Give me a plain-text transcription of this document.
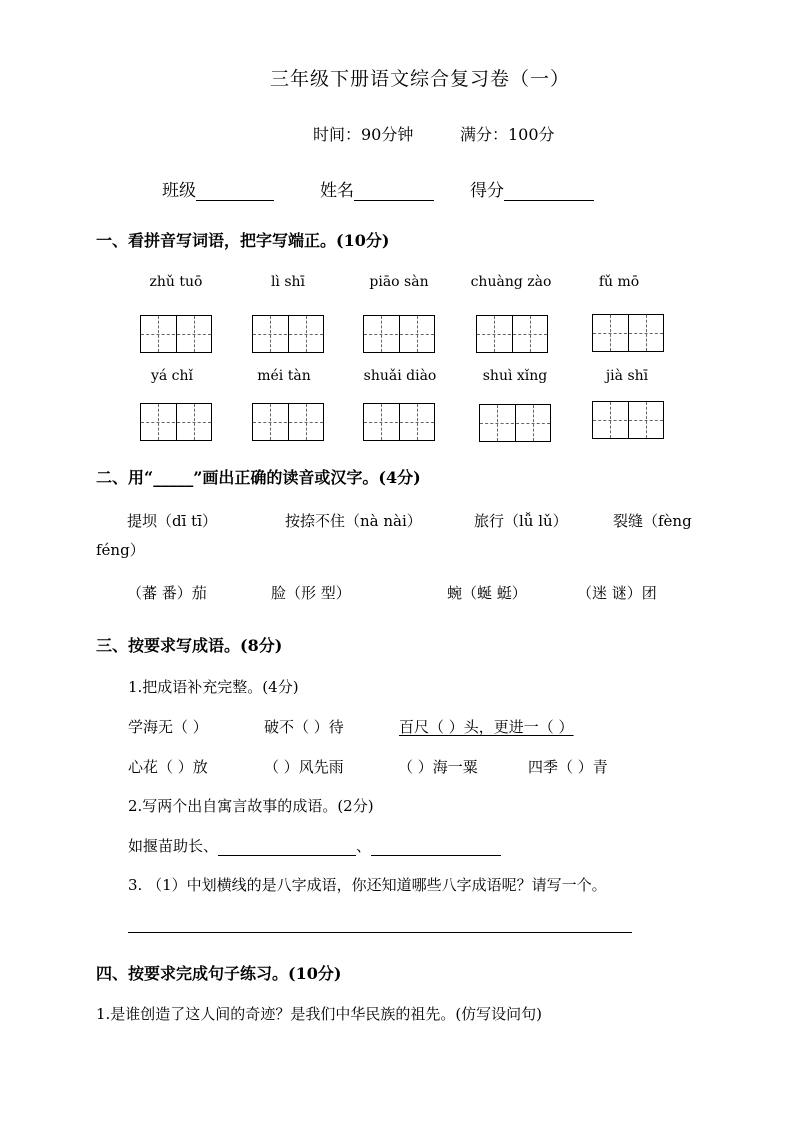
三年级下册语文综合复习卷（一）
时间：90分钟	满分：100分
班级	姓名	得分
一、看拼音写词语，把字写端正。(10分)
zhǔ tuō	lì shī	piāo sàn	chuàng zào	fǔ mō
yá chǐ	méi tàn	shuǎi diào	shuì xǐng	jià shī
二、用“_____”画出正确的读音或汉字。(4分)
提坝（dī tī）	按捺不住（nà nài）	旅行（lǚ lǔ）	裂缝（fèng
féng）
（蕃 番）茄	脸（形 型）	蜿（蜒 蜓）	（迷 谜）团
三、按要求写成语。(8分)
1.把成语补充完整。(4分)
学海无（ ）	破不（ ）待	百尺（ ）头，更进一（ ）
心花（ ）放	（ ）风先雨	（ ）海一粟	四季（ ）青
2.写两个出自寓言故事的成语。(2分)
如揠苗助长、	、
3. （1）中划横线的是八字成语，你还知道哪些八字成语呢？请写一个。
四、按要求完成句子练习。(10分)
1.是谁创造了这人间的奇迹？是我们中华民族的祖先。(仿写设问句)
